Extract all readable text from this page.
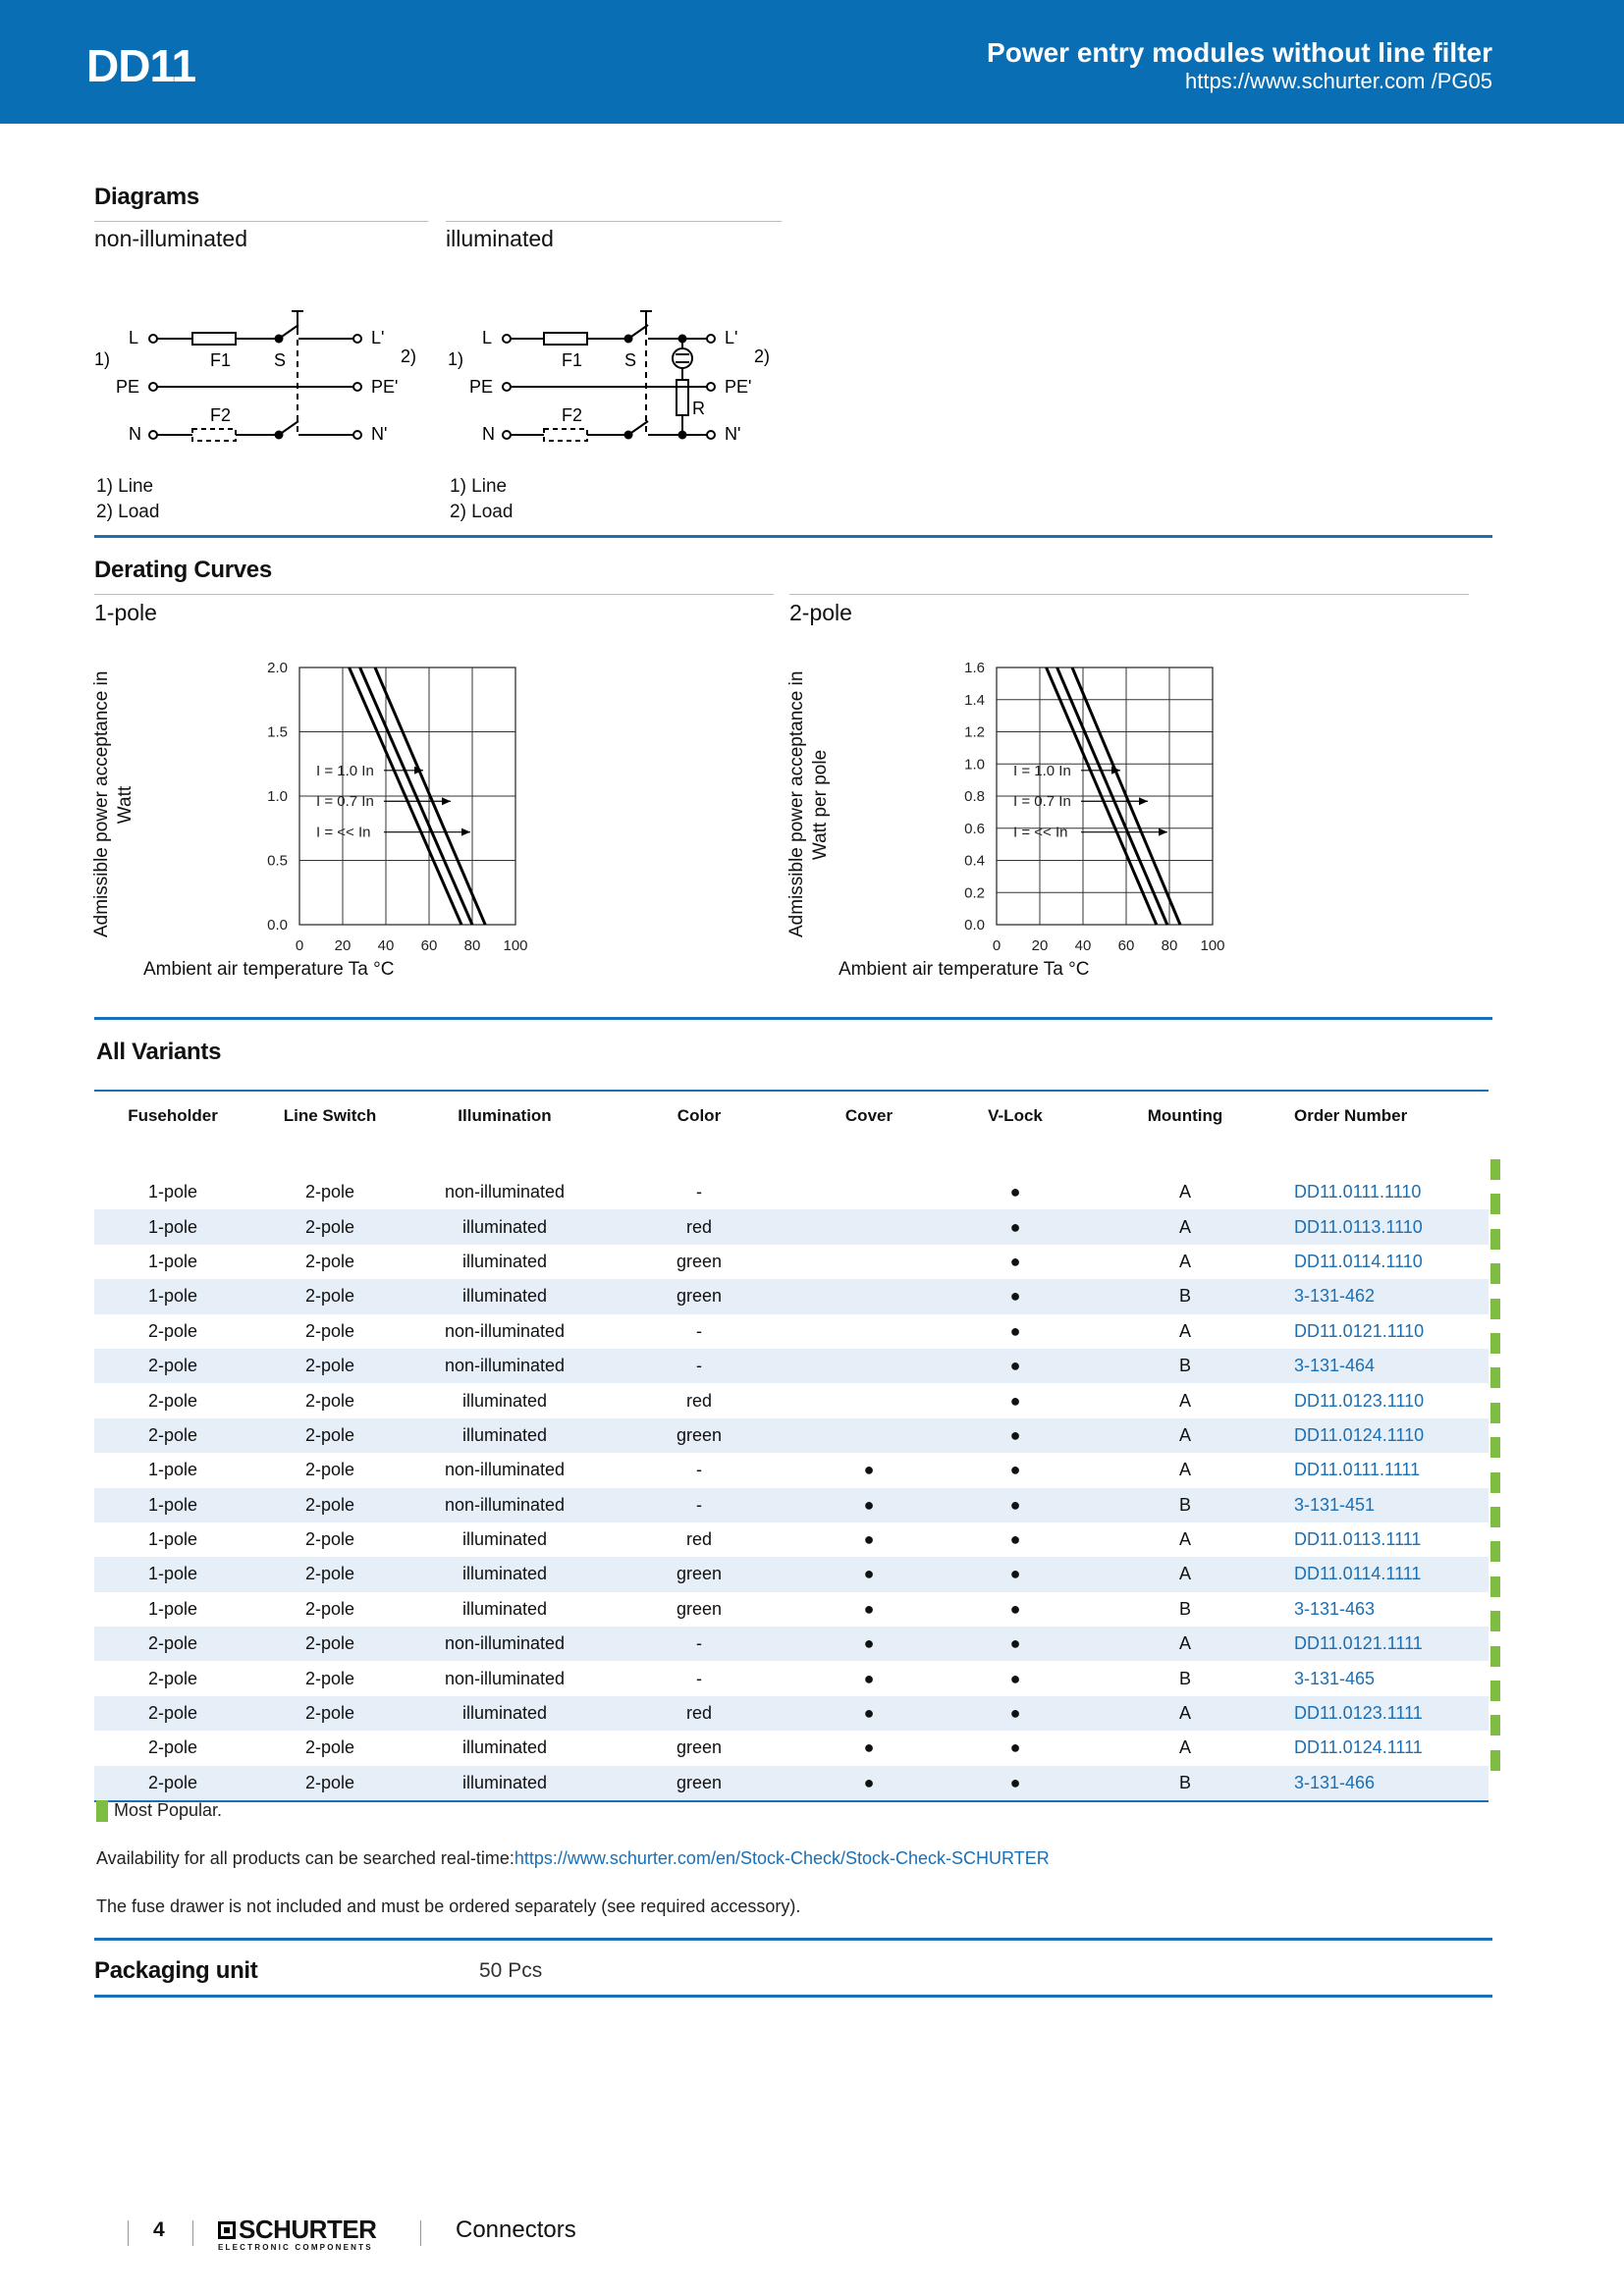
DD11	Power entry modules without line filter
https://www.schurter.com /PG05
Diagrams
non-illuminated	illuminated
1)	2)
L
PE
N
L'
PE'
N'
F1
F2
S	1)	2)
L
PE
N
L'
PE'
N'
F1
F2
S
R
1) Line
2) Load
1) Line
2) Load
Derating Curves
1-pole	2-pole
Admissible power acceptance in Watt	Admissible power acceptance in Watt per pole
0 20 40 60 80 100
0.0
0.5
1.0
1.5
2.0
I = 1.0 In
I = 0.7 In
I = << In
0 20 40 60 80 100
0.0
0.2
0.4
0.6
0.8
1.0
1.2
1.4
1.6
I = 1.0 In
I = 0.7 In
I = << In
Ambient air temperature Ta °C	Ambient air temperature Ta °C
All Variants
Fuseholder	Line Switch	Illumination	Color	Cover	V-Lock	Mounting	Order Number

1-pole	2-pole	non-illuminated	-		●	A	DD11.0111.1110
1-pole	2-pole	illuminated	red		●	A	DD11.0113.1110
1-pole	2-pole	illuminated	green		●	A	DD11.0114.1110
1-pole	2-pole	illuminated	green		●	B	3-131-462
2-pole	2-pole	non-illuminated	-		●	A	DD11.0121.1110
2-pole	2-pole	non-illuminated	-		●	B	3-131-464
2-pole	2-pole	illuminated	red		●	A	DD11.0123.1110
2-pole	2-pole	illuminated	green		●	A	DD11.0124.1110
1-pole	2-pole	non-illuminated	-	●	●	A	DD11.0111.1111
1-pole	2-pole	non-illuminated	-	●	●	B	3-131-451
1-pole	2-pole	illuminated	red	●	●	A	DD11.0113.1111
1-pole	2-pole	illuminated	green	●	●	A	DD11.0114.1111
1-pole	2-pole	illuminated	green	●	●	B	3-131-463
2-pole	2-pole	non-illuminated	-	●	●	A	DD11.0121.1111
2-pole	2-pole	non-illuminated	-	●	●	B	3-131-465
2-pole	2-pole	illuminated	red	●	●	A	DD11.0123.1111
2-pole	2-pole	illuminated	green	●	●	A	DD11.0124.1111
2-pole	2-pole	illuminated	green	●	●	B	3-131-466
Most Popular.
Availability for all products can be searched real-time:https://www.schurter.com/en/Stock-Check/Stock-Check-SCHURTER
The fuse drawer is not included and must be ordered separately (see required accessory).
Packaging unit	50 Pcs
4	SCHURTER
ELECTRONIC COMPONENTS
Connectors
